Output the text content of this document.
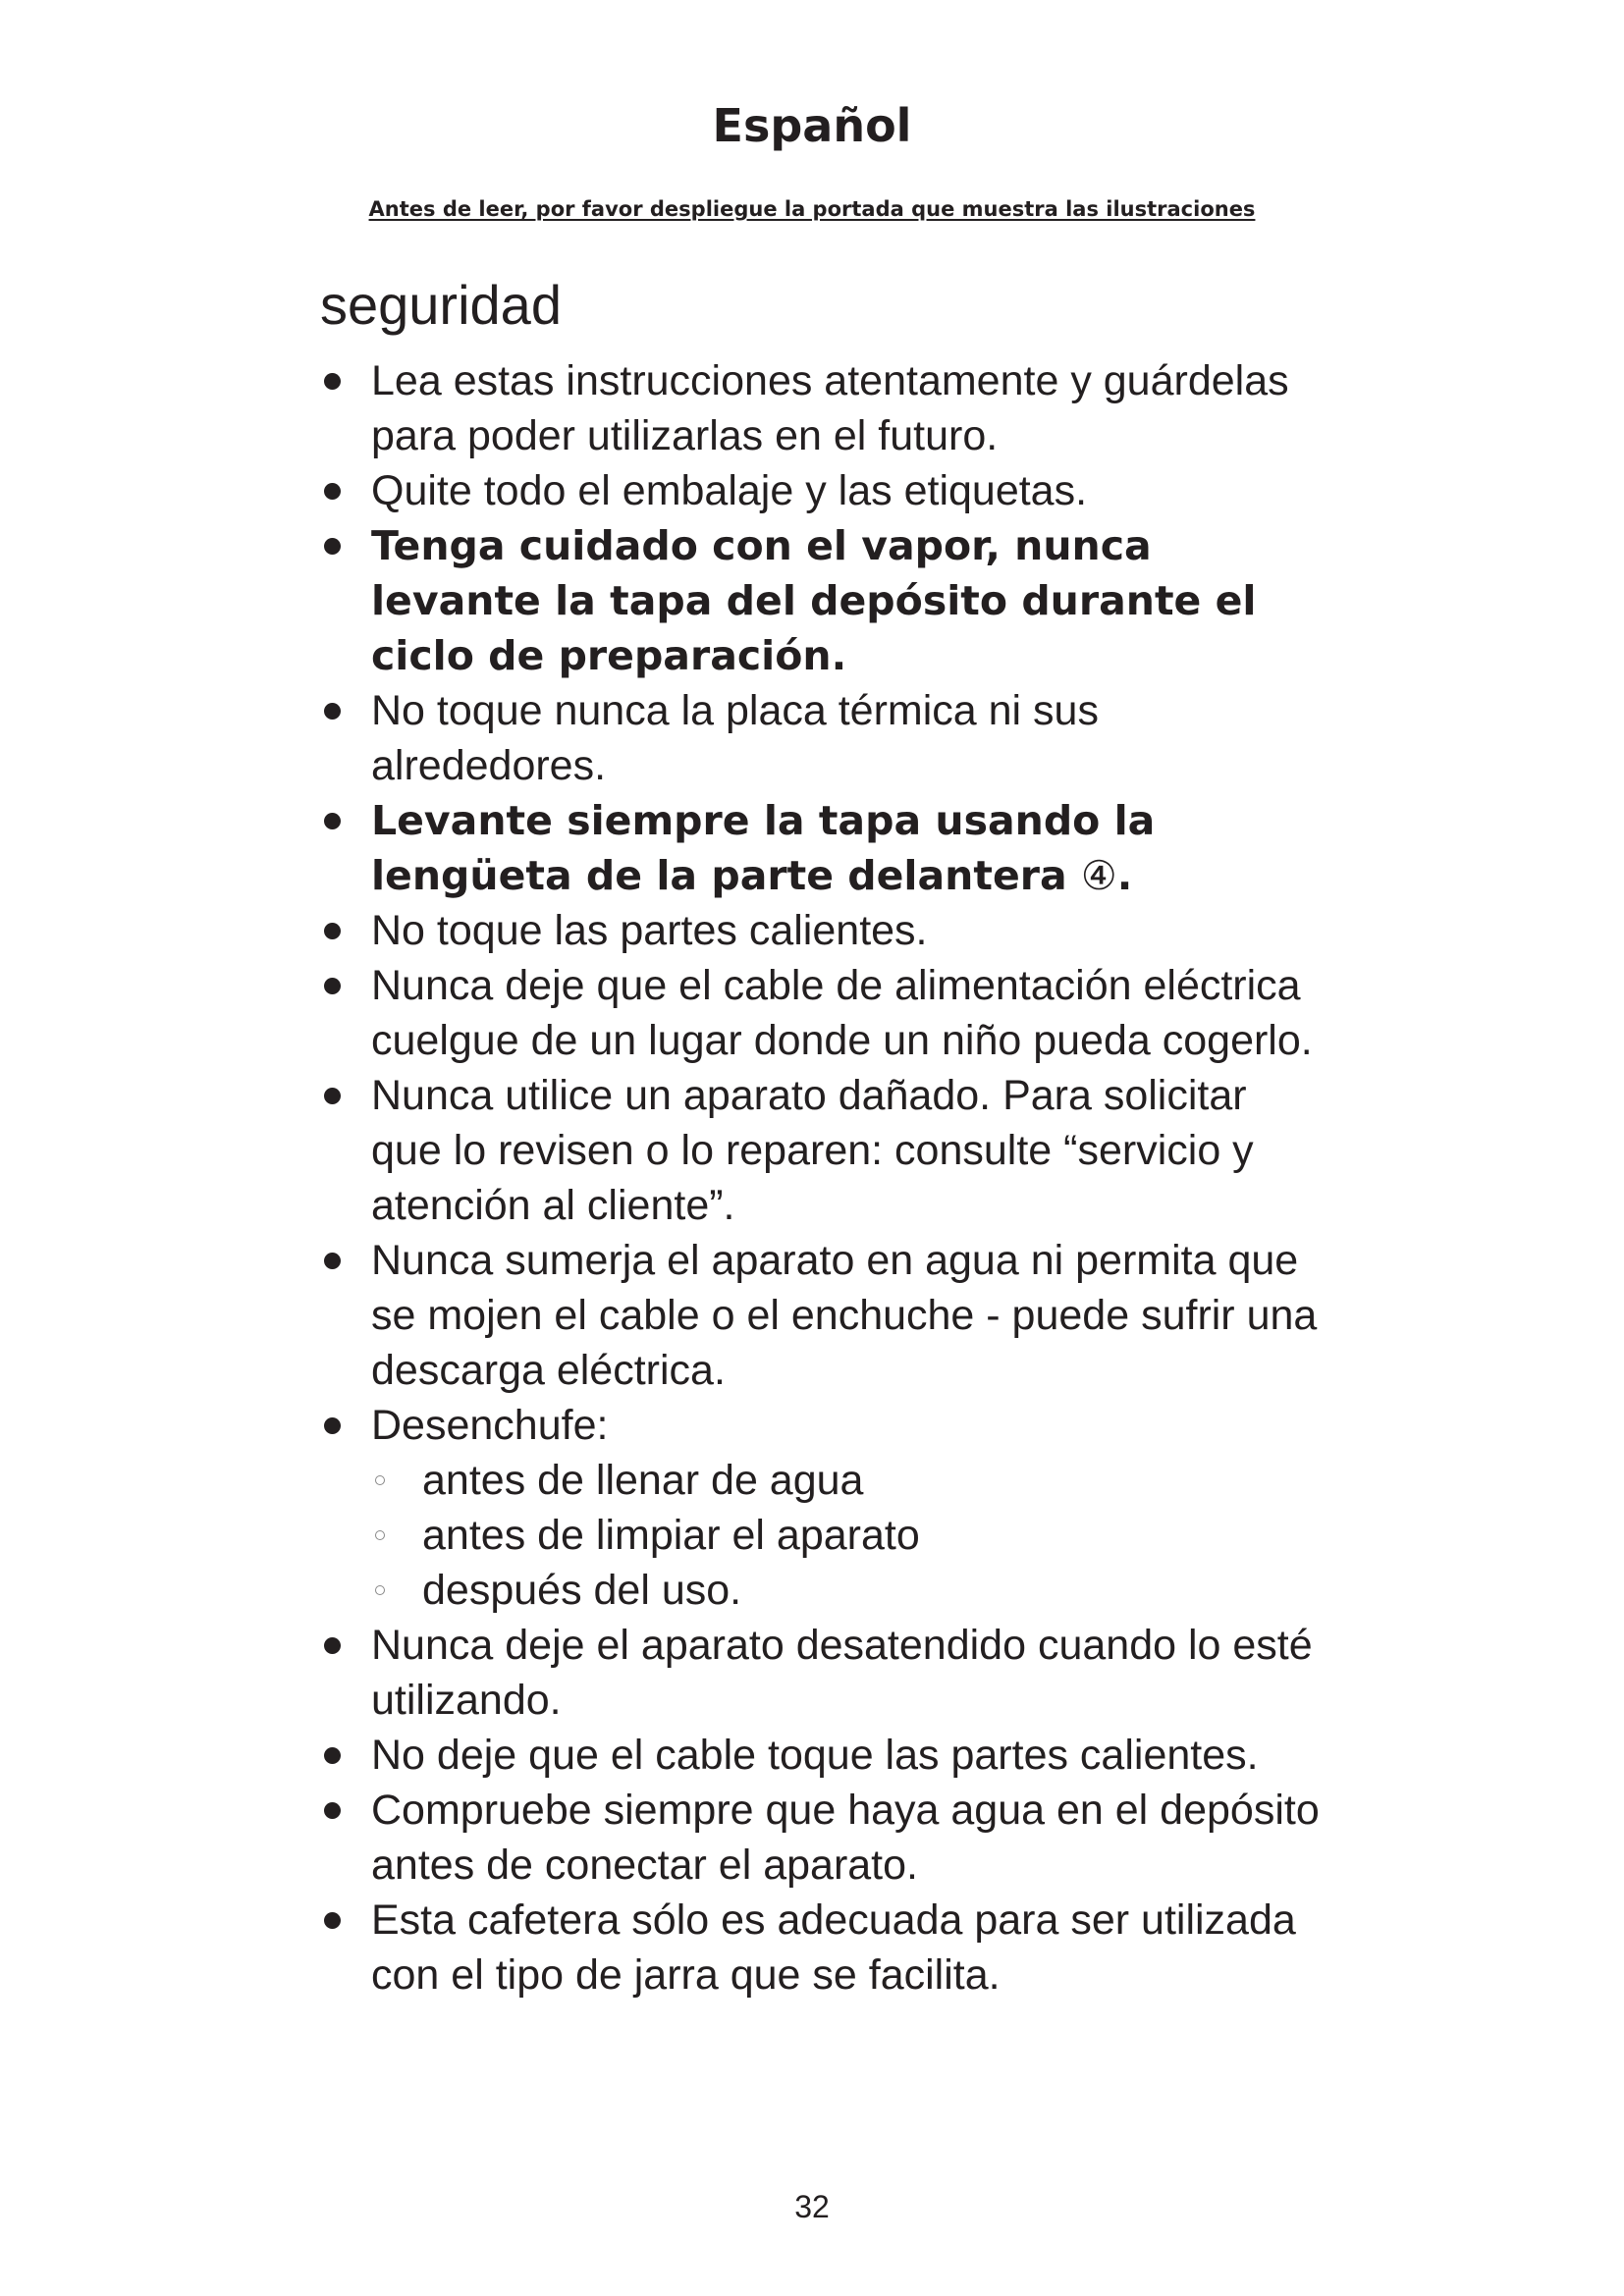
Español

Antes de leer, por favor despliegue la portada que muestra las ilustraciones

seguridad
Lea estas instrucciones atentamente y guárdelas para poder utilizarlas en el futuro.
Quite todo el embalaje y las etiquetas.
Tenga cuidado con el vapor, nunca levante la tapa del depósito durante el ciclo de preparación.
No toque nunca la placa térmica ni sus alrededores.
Levante siempre la tapa usando la lengüeta de la parte delantera ④.
No toque las partes calientes.
Nunca deje que el cable de alimentación eléctrica cuelgue de un lugar donde un niño pueda cogerlo.
Nunca utilice un aparato dañado. Para solicitar que lo revisen o lo reparen: consulte “servicio y atención al cliente”.
Nunca sumerja el aparato en agua ni permita que se mojen el cable o el enchuche - puede sufrir una descarga eléctrica.
Desenchufe:
antes de llenar de agua
antes de limpiar el aparato
después del uso.
Nunca deje el aparato desatendido cuando lo esté utilizando.
No deje que el cable toque las partes calientes.
Compruebe siempre que haya agua en el depósito antes de conectar el aparato.
Esta cafetera sólo es adecuada para ser utilizada con el tipo de jarra que se facilita.

32
